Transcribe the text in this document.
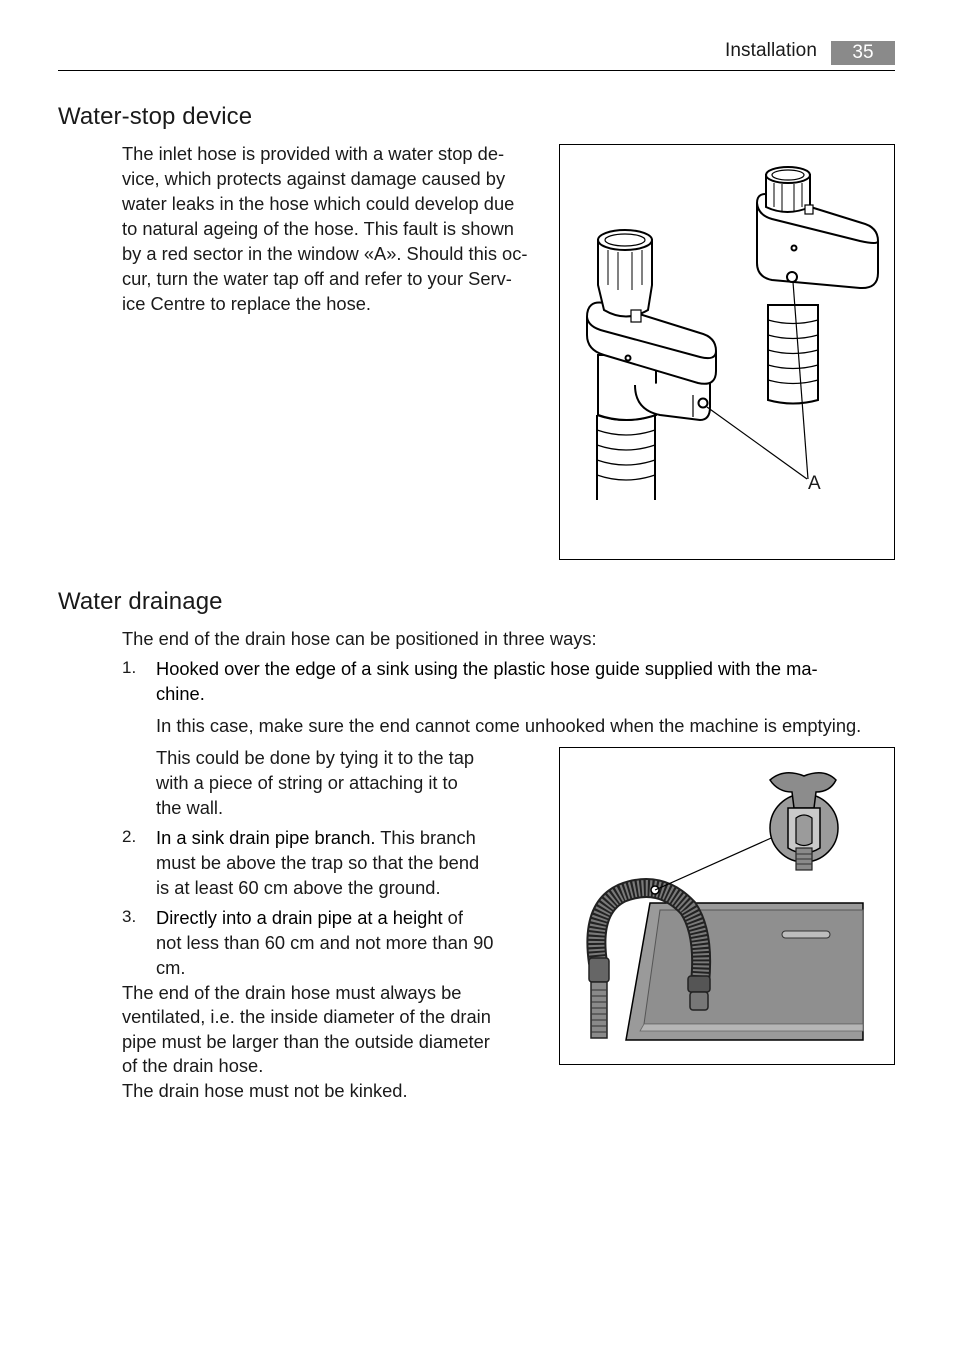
Installation	35
Water-stop device

The inlet hose is provided with a water stop de-

vice, which protects against damage caused by

water leaks in the hose which could develop due

to natural ageing of the hose. This fault is shown

by a red sector in the window «A». Should this oc-

cur, turn the water tap off and refer to your Serv-

ice Centre to replace the hose.

A
Water drainage

The end of the drain hose can be positioned in three ways:

1. Hooked over the edge of a sink using the plastic hose guide supplied with the ma-

chine.

In this case, make sure the end cannot come unhooked when the machine is emptying.

This could be done by tying it to the tap

with a piece of string or attaching it to

the wall.

2. In a sink drain pipe branch. This branch

must be above the trap so that the bend

is at least 60 cm above the ground.

3. Directly into a drain pipe at a height of

not less than 60 cm and not more than 90

cm.

The end of the drain hose must always be

ventilated, i.e. the inside diameter of the drain

pipe must be larger than the outside diameter

of the drain hose.

The drain hose must not be kinked.
